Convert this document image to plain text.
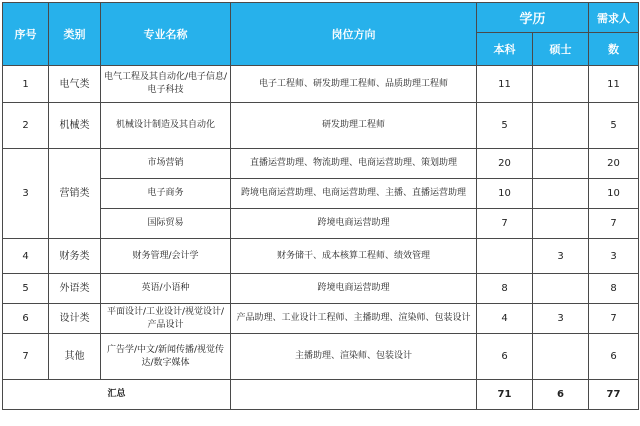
序号	类别	专业名称	岗位方向	学历		需求人
				本科	硕士	数
1	电气类	电气工程及其自动化/电子信息/电子科技	电子工程师、研发助理工程师、品质助理工程师	11		11
2	机械类	机械设计制造及其自动化	研发助理工程师	5		5
3	营销类	市场营销	直播运营助理、物流助理、电商运营助理、策划助理	20		20
		电子商务	跨境电商运营助理、电商运营助理、主播、直播运营助理	10		10
		国际贸易	跨境电商运营助理	7		7
4	财务类	财务管理/会计学	财务储干、成本核算工程师、绩效管理		3	3
5	外语类	英语/小语种	跨境电商运营助理	8		8
6	设计类	平面设计/工业设计/视觉设计/产品设计	产品助理、工业设计工程师、主播助理、渲染师、包装设计	4	3	7
7	其他	广告学/中文/新闻传播/视觉传达/数字媒体	主播助理、渲染师、包装设计	6		6
汇总				71	6	77
